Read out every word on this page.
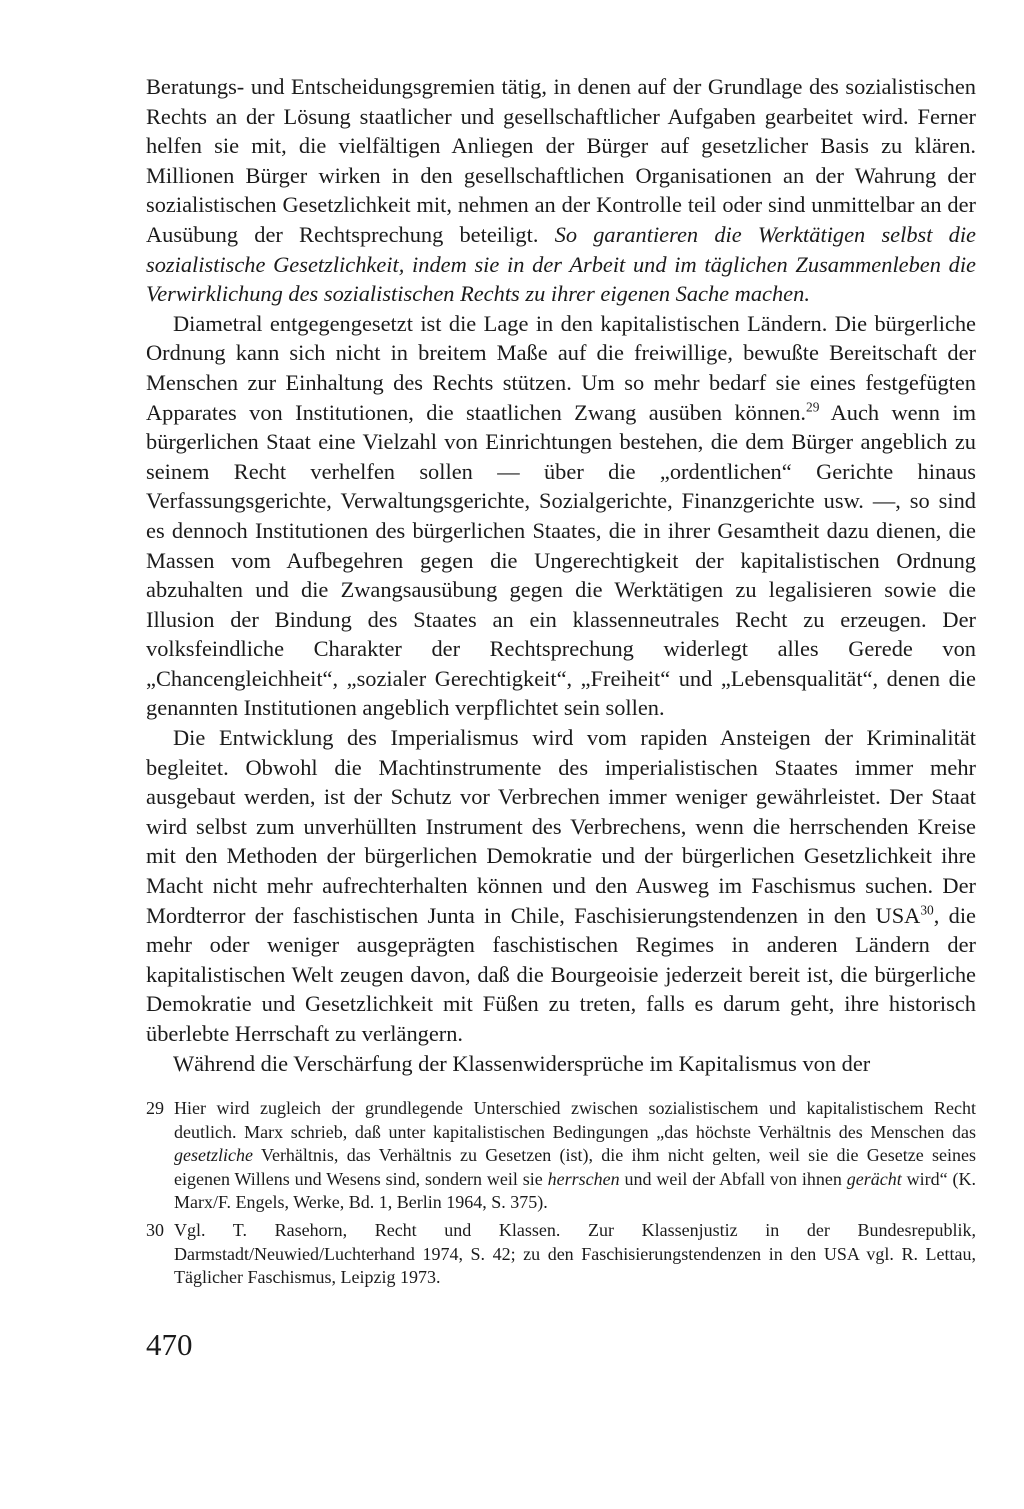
Beratungs- und Entscheidungsgremien tätig, in denen auf der Grundlage des sozialistischen Rechts an der Lösung staatlicher und gesellschaftlicher Aufgaben gearbeitet wird. Ferner helfen sie mit, die vielfältigen Anliegen der Bürger auf gesetzlicher Basis zu klären. Millionen Bürger wirken in den gesellschaftlichen Organisationen an der Wahrung der sozialistischen Gesetzlichkeit mit, nehmen an der Kontrolle teil oder sind unmittelbar an der Ausübung der Rechtsprechung beteiligt. So garantieren die Werktätigen selbst die sozialistische Gesetzlichkeit, indem sie in der Arbeit und im täglichen Zusammenleben die Verwirklichung des sozialistischen Rechts zu ihrer eigenen Sache machen.

Diametral entgegengesetzt ist die Lage in den kapitalistischen Ländern. Die bürgerliche Ordnung kann sich nicht in breitem Maße auf die freiwillige, bewußte Bereitschaft der Menschen zur Einhaltung des Rechts stützen. Um so mehr bedarf sie eines festgefügten Apparates von Institutionen, die staatlichen Zwang ausüben können.$^{29}$ Auch wenn im bürgerlichen Staat eine Vielzahl von Einrichtungen bestehen, die dem Bürger angeblich zu seinem Recht verhelfen sollen — über die „ordentlichen“ Gerichte hinaus Verfassungsgerichte, Verwaltungsgerichte, Sozialgerichte, Finanzgerichte usw. —, so sind es dennoch Institutionen des bürgerlichen Staates, die in ihrer Gesamtheit dazu dienen, die Massen vom Aufbegehren gegen die Ungerechtigkeit der kapitalistischen Ordnung abzuhalten und die Zwangsausübung gegen die Werktätigen zu legalisieren sowie die Illusion der Bindung des Staates an ein klassenneutrales Recht zu erzeugen. Der volksfeindliche Charakter der Rechtsprechung widerlegt alles Gerede von „Chancengleichheit“, „sozialer Gerechtigkeit“, „Freiheit“ und „Lebensqualität“, denen die genannten Institutionen angeblich verpflichtet sein sollen.

Die Entwicklung des Imperialismus wird vom rapiden Ansteigen der Kriminalität begleitet. Obwohl die Machtinstrumente des imperialistischen Staates immer mehr ausgebaut werden, ist der Schutz vor Verbrechen immer weniger gewährleistet. Der Staat wird selbst zum unverhüllten Instrument des Verbrechens, wenn die herrschenden Kreise mit den Methoden der bürgerlichen Demokratie und der bürgerlichen Gesetzlichkeit ihre Macht nicht mehr aufrechterhalten können und den Ausweg im Faschismus suchen. Der Mordterror der faschistischen Junta in Chile, Faschisierungstendenzen in den USA$^{30}$, die mehr oder weniger ausgeprägten faschistischen Regimes in anderen Ländern der kapitalistischen Welt zeugen davon, daß die Bourgeoisie jederzeit bereit ist, die bürgerliche Demokratie und Gesetzlichkeit mit Füßen zu treten, falls es darum geht, ihre historisch überlebte Herrschaft zu verlängern.

Während die Verschärfung der Klassenwidersprüche im Kapitalismus von der

29 Hier wird zugleich der grundlegende Unterschied zwischen sozialistischem und kapitalistischem Recht deutlich. Marx schrieb, daß unter kapitalistischen Bedingungen „das höchste Verhältnis des Menschen das gesetzliche Verhältnis, das Verhältnis zu Gesetzen (ist), die ihm nicht gelten, weil sie die Gesetze seines eigenen Willens und Wesens sind, sondern weil sie herrschen und weil der Abfall von ihnen gerächt wird“ (K. Marx/F. Engels, Werke, Bd. 1, Berlin 1964, S. 375).

30 Vgl. T. Rasehorn, Recht und Klassen. Zur Klassenjustiz in der Bundesrepublik, Darmstadt/Neuwied/Luchterhand 1974, S. 42; zu den Faschisierungstendenzen in den USA vgl. R. Lettau, Täglicher Faschismus, Leipzig 1973.

470
